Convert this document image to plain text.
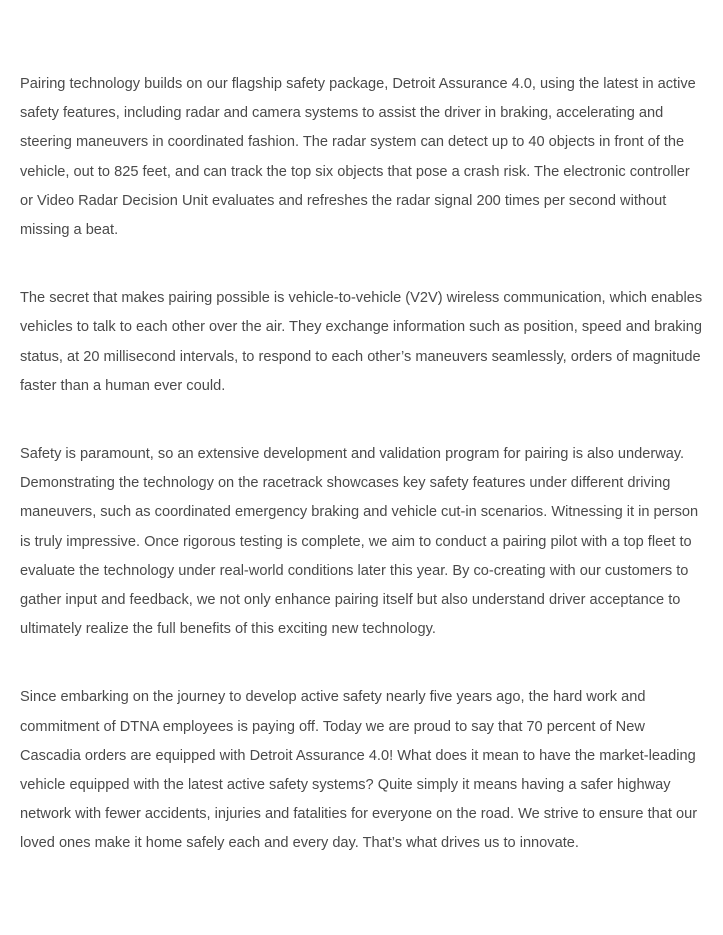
Pairing technology builds on our flagship safety package, Detroit Assurance 4.0, using the latest in active safety features, including radar and camera systems to assist the driver in braking, accelerating and steering maneuvers in coordinated fashion. The radar system can detect up to 40 objects in front of the vehicle, out to 825 feet, and can track the top six objects that pose a crash risk. The electronic controller or Video Radar Decision Unit evaluates and refreshes the radar signal 200 times per second without missing a beat.

The secret that makes pairing possible is vehicle-to-vehicle (V2V) wireless communication, which enables vehicles to talk to each other over the air. They exchange information such as position, speed and braking status, at 20 millisecond intervals, to respond to each other’s maneuvers seamlessly, orders of magnitude faster than a human ever could.

Safety is paramount, so an extensive development and validation program for pairing is also underway. Demonstrating the technology on the racetrack showcases key safety features under different driving maneuvers, such as coordinated emergency braking and vehicle cut-in scenarios. Witnessing it in person is truly impressive. Once rigorous testing is complete, we aim to conduct a pairing pilot with a top fleet to evaluate the technology under real-world conditions later this year. By co-creating with our customers to gather input and feedback, we not only enhance pairing itself but also understand driver acceptance to ultimately realize the full benefits of this exciting new technology.

Since embarking on the journey to develop active safety nearly five years ago, the hard work and commitment of DTNA employees is paying off. Today we are proud to say that 70 percent of New Cascadia orders are equipped with Detroit Assurance 4.0! What does it mean to have the market-leading vehicle equipped with the latest active safety systems? Quite simply it means having a safer highway network with fewer accidents, injuries and fatalities for everyone on the road. We strive to ensure that our loved ones make it home safely each and every day. That’s what drives us to innovate.
